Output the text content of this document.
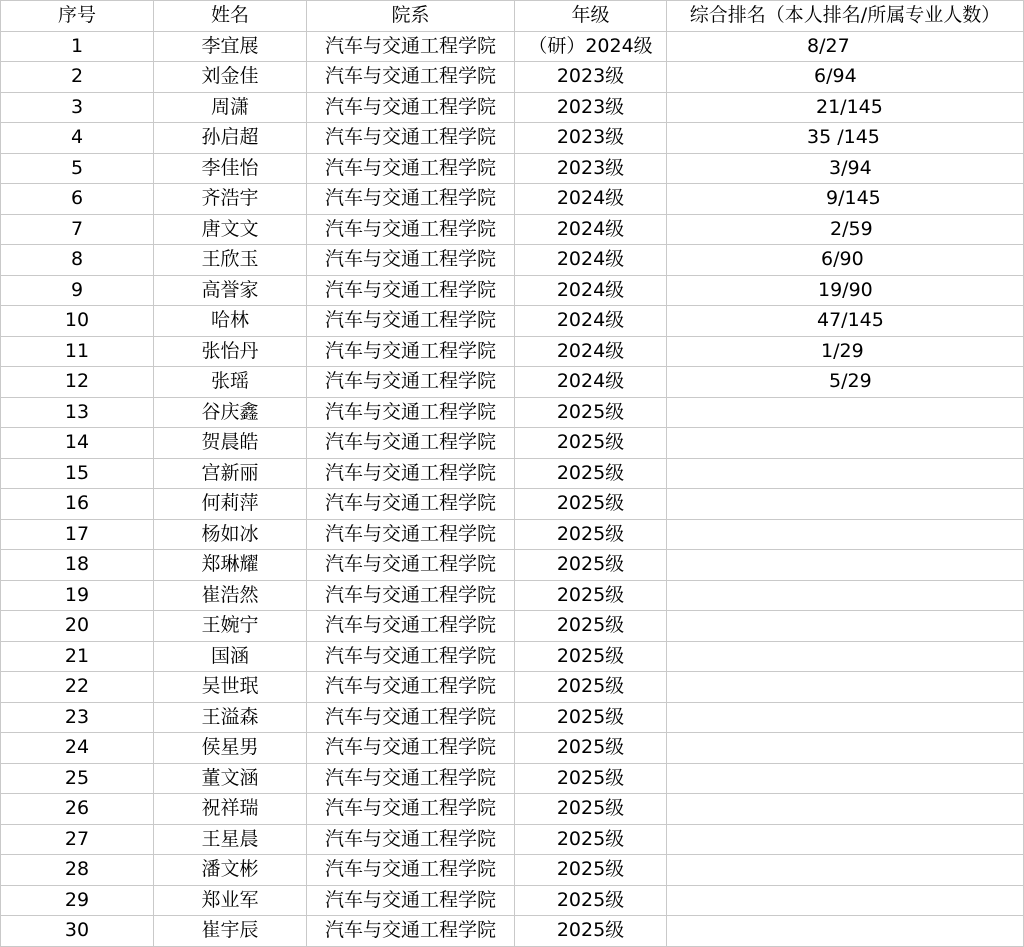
序号	姓名	院系	年级	综合排名（本人排名/所属专业人数）
1	李宜展	汽车与交通工程学院	（研）2024级	8/27
2	刘金佳	汽车与交通工程学院	2023级	6/94
3	周潇	汽车与交通工程学院	2023级	21/145
4	孙启超	汽车与交通工程学院	2023级	35 /145
5	李佳怡	汽车与交通工程学院	2023级	3/94
6	齐浩宇	汽车与交通工程学院	2024级	9/145
7	唐文文	汽车与交通工程学院	2024级	2/59
8	王欣玉	汽车与交通工程学院	2024级	6/90
9	高誉家	汽车与交通工程学院	2024级	19/90
10	哈林	汽车与交通工程学院	2024级	47/145
11	张怡丹	汽车与交通工程学院	2024级	1/29
12	张瑶	汽车与交通工程学院	2024级	5/29
13	谷庆鑫	汽车与交通工程学院	2025级	
14	贺晨皓	汽车与交通工程学院	2025级	
15	宫新丽	汽车与交通工程学院	2025级	
16	何莉萍	汽车与交通工程学院	2025级	
17	杨如冰	汽车与交通工程学院	2025级	
18	郑琳耀	汽车与交通工程学院	2025级	
19	崔浩然	汽车与交通工程学院	2025级	
20	王婉宁	汽车与交通工程学院	2025级	
21	国涵	汽车与交通工程学院	2025级	
22	吴世珉	汽车与交通工程学院	2025级	
23	王溢森	汽车与交通工程学院	2025级	
24	侯星男	汽车与交通工程学院	2025级	
25	董文涵	汽车与交通工程学院	2025级	
26	祝祥瑞	汽车与交通工程学院	2025级	
27	王星晨	汽车与交通工程学院	2025级	
28	潘文彬	汽车与交通工程学院	2025级	
29	郑业军	汽车与交通工程学院	2025级	
30	崔宇辰	汽车与交通工程学院	2025级	
